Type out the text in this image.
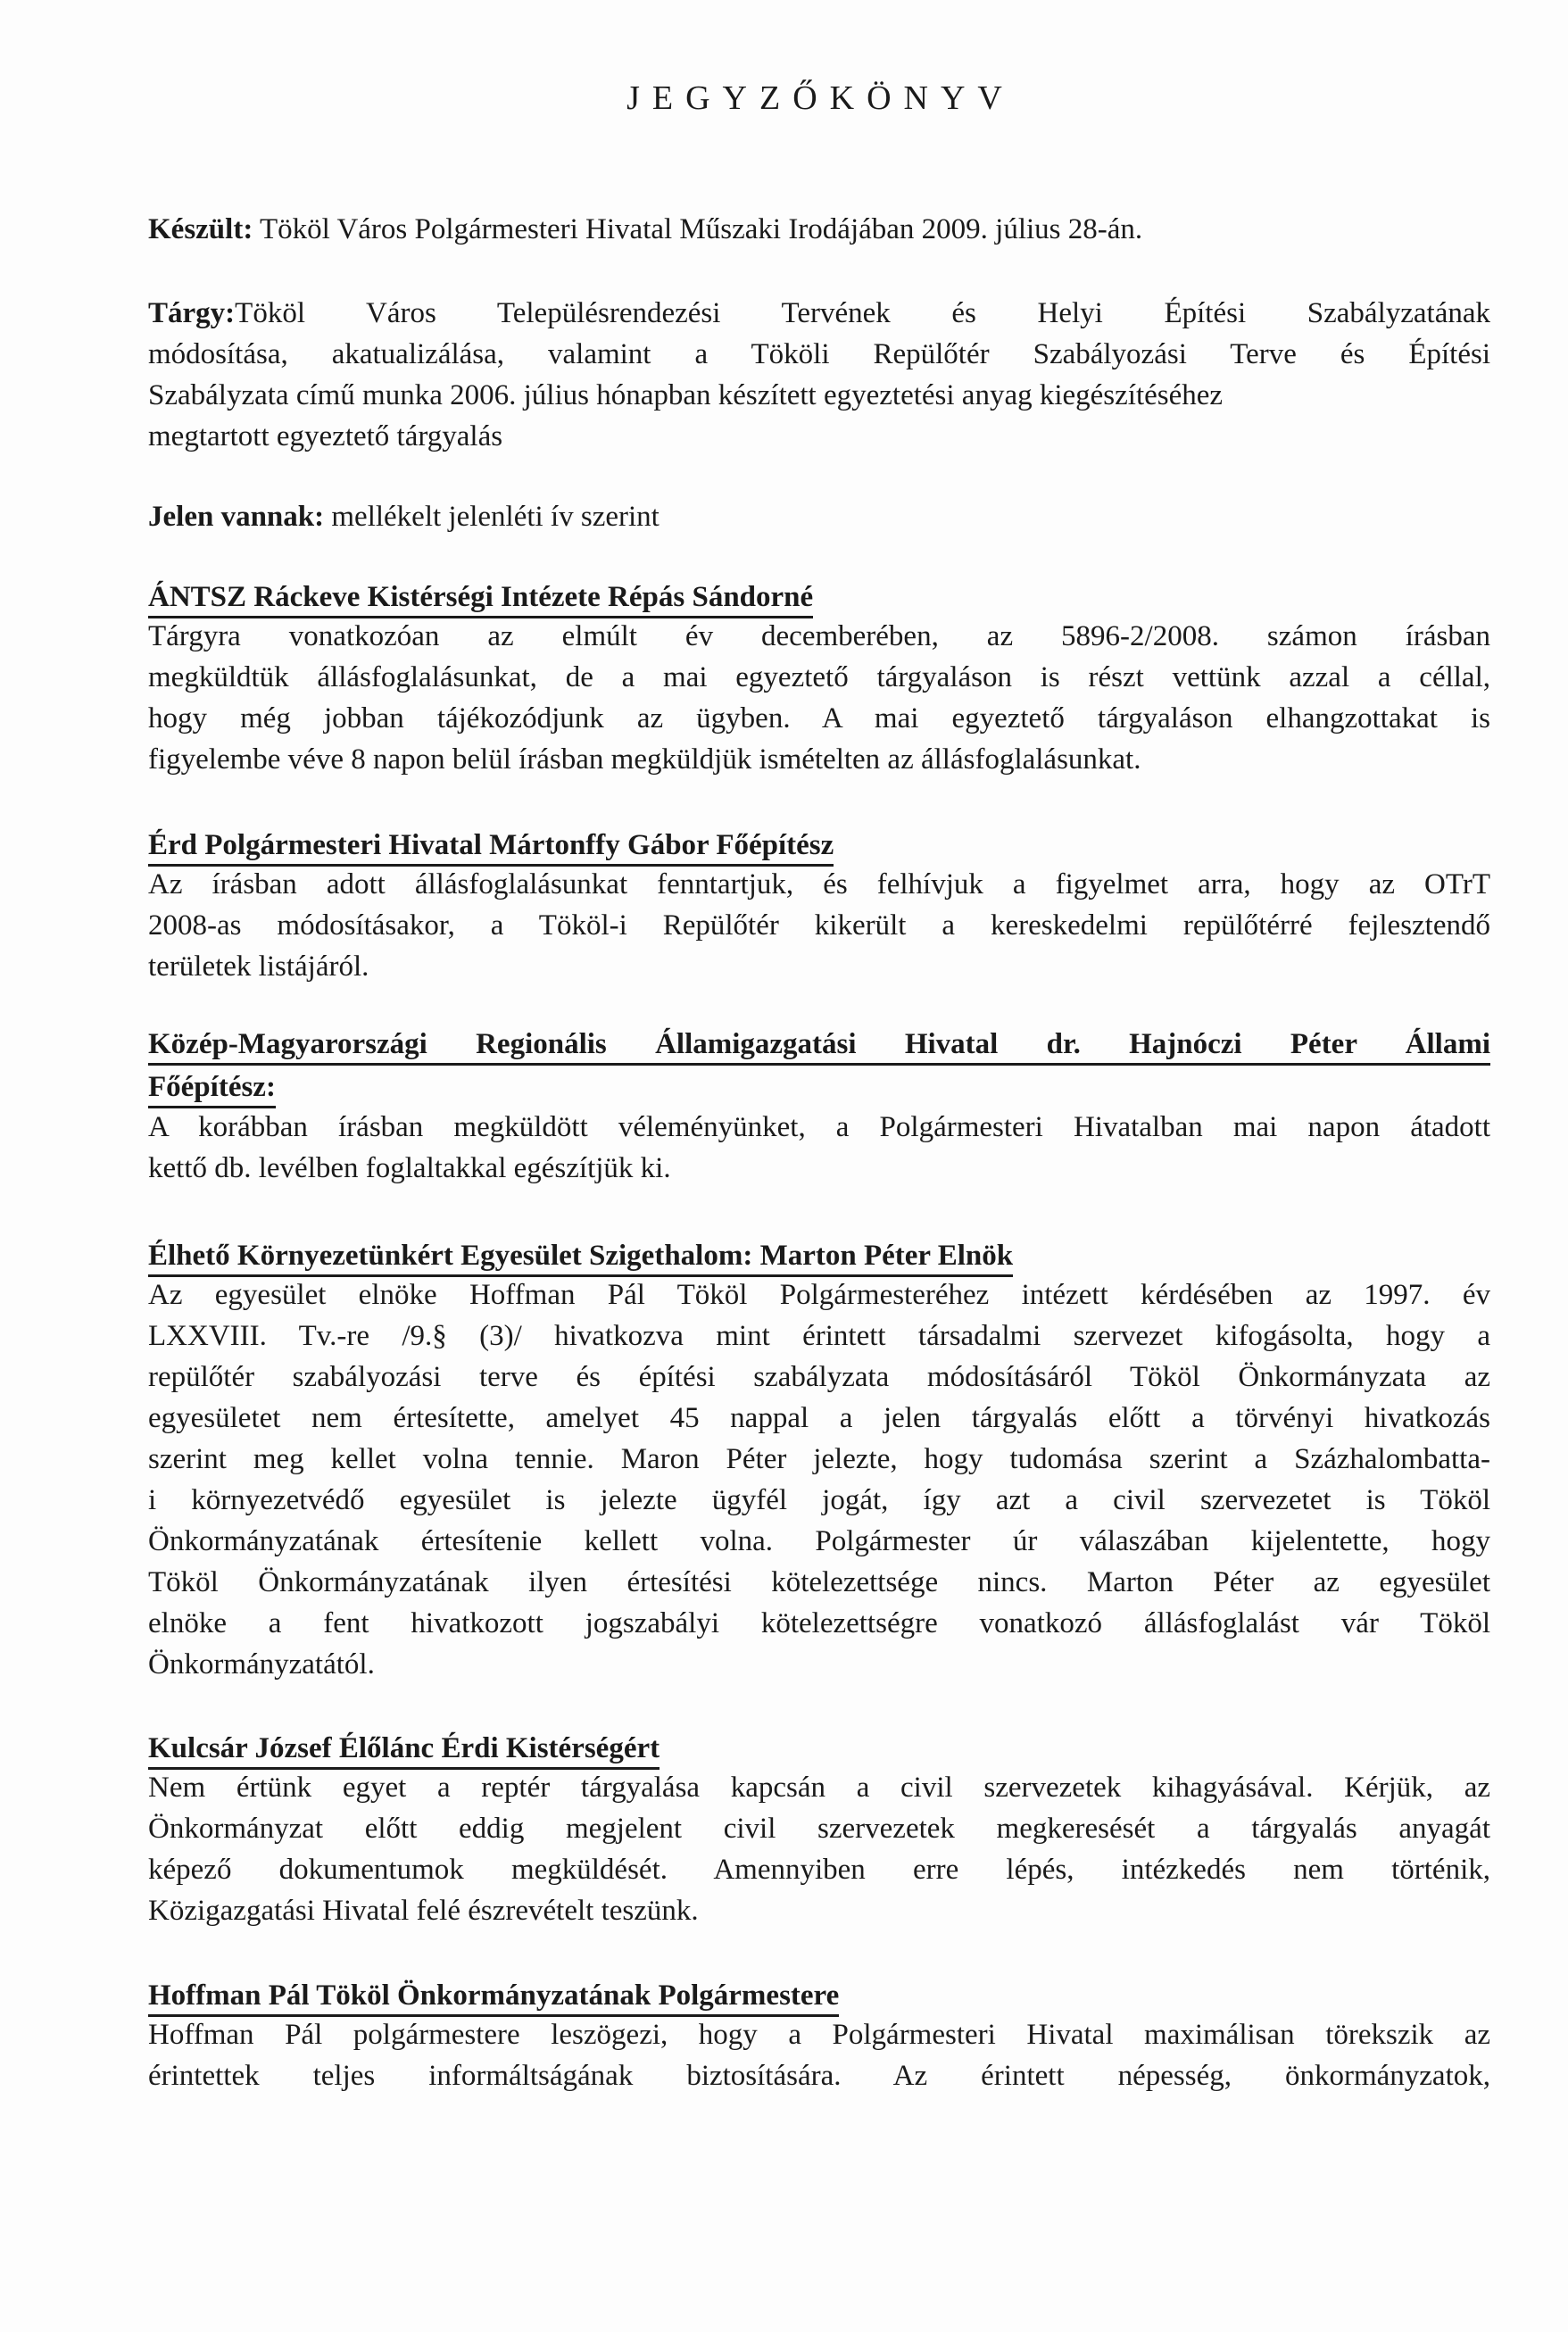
JEGYZŐKÖNYV
Készült: Tököl Város Polgármesteri Hivatal Műszaki Irodájában 2009. július 28-án.
Tárgy:Tököl Város Településrendezési Tervének és Helyi Építési Szabályzatának
módosítása, akatualizálása, valamint a Tököli Repülőtér Szabályozási Terve és Építési
Szabályzata című munka 2006. július hónapban készített egyeztetési anyag kiegészítéséhez
megtartott egyeztető tárgyalás
Jelen vannak: mellékelt jelenléti ív szerint
ÁNTSZ Ráckeve Kistérségi Intézete Répás Sándorné
Tárgyra vonatkozóan az elmúlt év decemberében, az 5896-2/2008. számon írásban
megküldtük állásfoglalásunkat, de a mai egyeztető tárgyaláson is részt vettünk azzal a céllal,
hogy még jobban tájékozódjunk az ügyben. A mai egyeztető tárgyaláson elhangzottakat is
figyelembe véve 8 napon belül írásban megküldjük ismételten az állásfoglalásunkat.
Érd Polgármesteri Hivatal Mártonffy Gábor Főépítész
Az írásban adott állásfoglalásunkat fenntartjuk, és felhívjuk a figyelmet arra, hogy az OTrT
2008-as módosításakor, a Tököl-i Repülőtér kikerült a kereskedelmi repülőtérré fejlesztendő
területek listájáról.
Közép-Magyarországi Regionális Államigazgatási Hivatal dr. Hajnóczi Péter Állami
Főépítész:
A korábban írásban megküldött véleményünket, a Polgármesteri Hivatalban mai napon átadott
kettő db. levélben foglaltakkal egészítjük ki.
Élhető Környezetünkért Egyesület Szigethalom: Marton Péter Elnök
Az egyesület elnöke Hoffman Pál Tököl Polgármesteréhez intézett kérdésében az 1997. év
LXXVIII. Tv.-re /9.§ (3)/ hivatkozva mint érintett társadalmi szervezet kifogásolta, hogy a
repülőtér szabályozási terve és építési szabályzata módosításáról Tököl Önkormányzata az
egyesületet nem értesítette, amelyet 45 nappal a jelen tárgyalás előtt a törvényi hivatkozás
szerint meg kellet volna tennie. Maron Péter jelezte, hogy tudomása szerint a Százhalombatta-
i környezetvédő egyesület is jelezte ügyfél jogát, így azt a civil szervezetet is Tököl
Önkormányzatának értesítenie kellett volna. Polgármester úr válaszában kijelentette, hogy
Tököl Önkormányzatának ilyen értesítési kötelezettsége nincs. Marton Péter az egyesület
elnöke a fent hivatkozott jogszabályi kötelezettségre vonatkozó állásfoglalást vár Tököl
Önkormányzatától.
Kulcsár József Élőlánc Érdi Kistérségért
Nem értünk egyet a reptér tárgyalása kapcsán a civil szervezetek kihagyásával. Kérjük, az
Önkormányzat előtt eddig megjelent civil szervezetek megkeresését a tárgyalás anyagát
képező dokumentumok megküldését. Amennyiben erre lépés, intézkedés nem történik,
Közigazgatási Hivatal felé észrevételt teszünk.
Hoffman Pál Tököl Önkormányzatának Polgármestere
Hoffman Pál polgármestere leszögezi, hogy a Polgármesteri Hivatal maximálisan törekszik az
érintettek teljes informáltságának biztosítására. Az érintett népesség, önkormányzatok,
